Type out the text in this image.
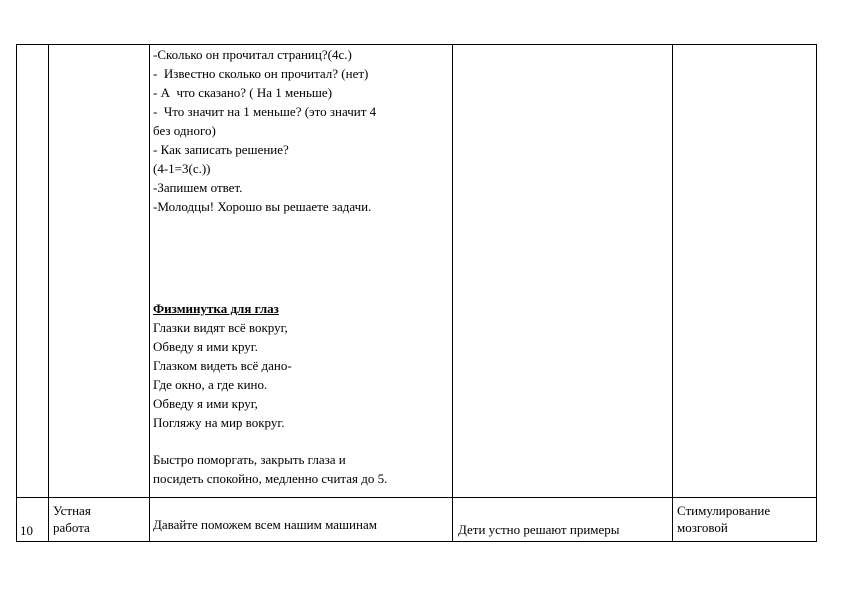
-Сколько он прочитал страниц?(4с.)
-  Известно сколько он прочитал? (нет)
- А  что сказано? ( На 1 меньше)
-  Что значит на 1 меньше? (это значит 4
без одного)
- Как записать решение?
(4-1=3(с.))
-Запишем ответ.
-Молодцы! Хорошо вы решаете задачи.
Физминутка для глаз
Глазки видят всё вокруг,
Обведу я ими круг.
Глазком видеть всё дано-
Где окно, а где кино.
Обведу я ими круг,
Погляжу на мир вокруг.
Быстро поморгать, закрыть глаза и
посидеть спокойно, медленно считая до 5.
10
Устная
работа	Давайте поможем всем нашим машинам	Дети устно решают примеры
Стимулирование
мозговой
